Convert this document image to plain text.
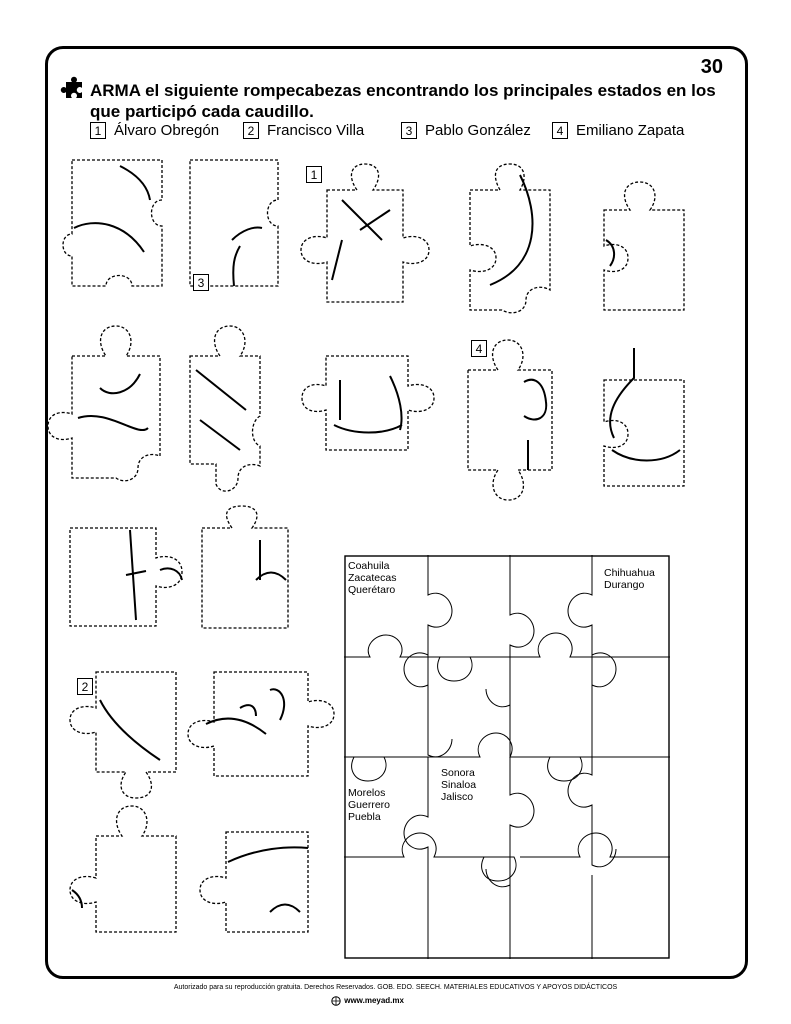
30
ARMA el siguiente rompecabezas encontrando los principales estados en los que participó cada caudillo.
1 Álvaro Obregón	2 Francisco Villa	3 Pablo González	4 Emiliano Zapata
1
3
4
2
Coahuila
Zacatecas
Querétaro
Chihuahua
Durango
Sonora
Sinaloa
Jalisco
Morelos
Guerrero
Puebla
Autorizado para su reproducción gratuita. Derechos Reservados. GOB. EDO. SEECH. MATERIALES EDUCATIVOS Y APOYOS DIDÁCTICOS
www.meyad.mx
